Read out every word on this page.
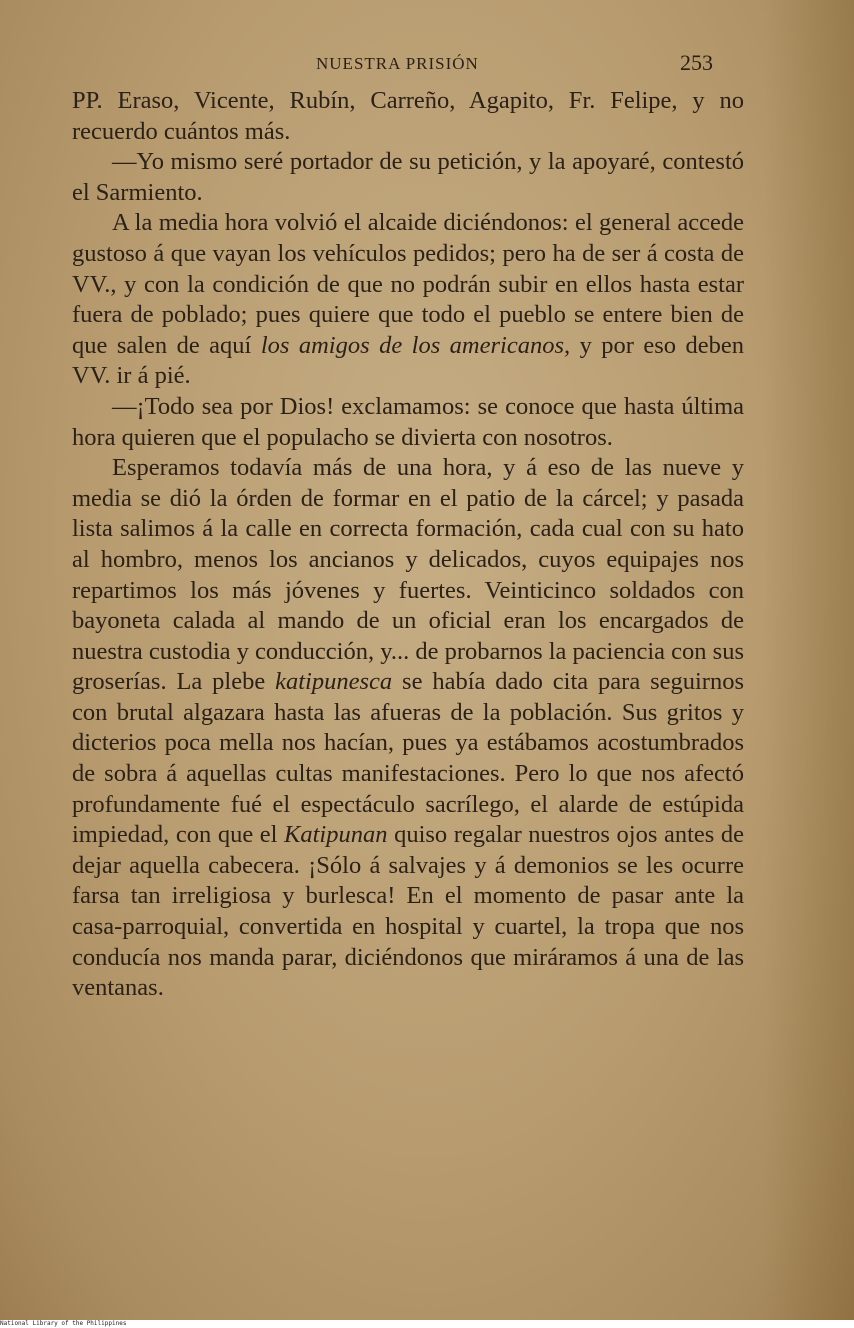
NUESTRA PRISIÓN	253

PP. Eraso, Vicente, Rubín, Carreño, Agapito, Fr. Felipe, y no recuerdo cuántos más.

—Yo mismo seré portador de su petición, y la apoyaré, contestó el Sarmiento.

A la media hora volvió el alcaide diciéndonos: el general accede gustoso á que vayan los vehículos pedidos; pero ha de ser á costa de VV., y con la condición de que no podrán subir en ellos hasta estar fuera de poblado; pues quiere que todo el pueblo se entere bien de que salen de aquí los amigos de los americanos, y por eso deben VV. ir á pié.

—¡Todo sea por Dios! exclamamos: se conoce que hasta última hora quieren que el populacho se divierta con nosotros.

Esperamos todavía más de una hora, y á eso de las nueve y media se dió la órden de formar en el patio de la cárcel; y pasada lista salimos á la calle en correcta formación, cada cual con su hato al hombro, menos los ancianos y delicados, cuyos equipajes nos repartimos los más jóvenes y fuertes. Veinticinco soldados con bayoneta calada al mando de un oficial eran los encargados de nuestra custodia y conducción, y... de probarnos la paciencia con sus groserías. La plebe katipunesca se había dado cita para seguirnos con brutal algazara hasta las afueras de la población. Sus gritos y dicterios poca mella nos hacían, pues ya estábamos acostumbrados de sobra á aquellas cultas manifestaciones. Pero lo que nos afectó profundamente fué el espectáculo sacrílego, el alarde de estúpida impiedad, con que el Katipunan quiso regalar nuestros ojos antes de dejar aquella cabecera. ¡Sólo á salvajes y á demonios se les ocurre farsa tan irreligiosa y burlesca! En el momento de pasar ante la casa-parroquial, convertida en hospital y cuartel, la tropa que nos conducía nos manda parar, diciéndonos que miráramos á una de las ventanas.

National Library of the Philippines
